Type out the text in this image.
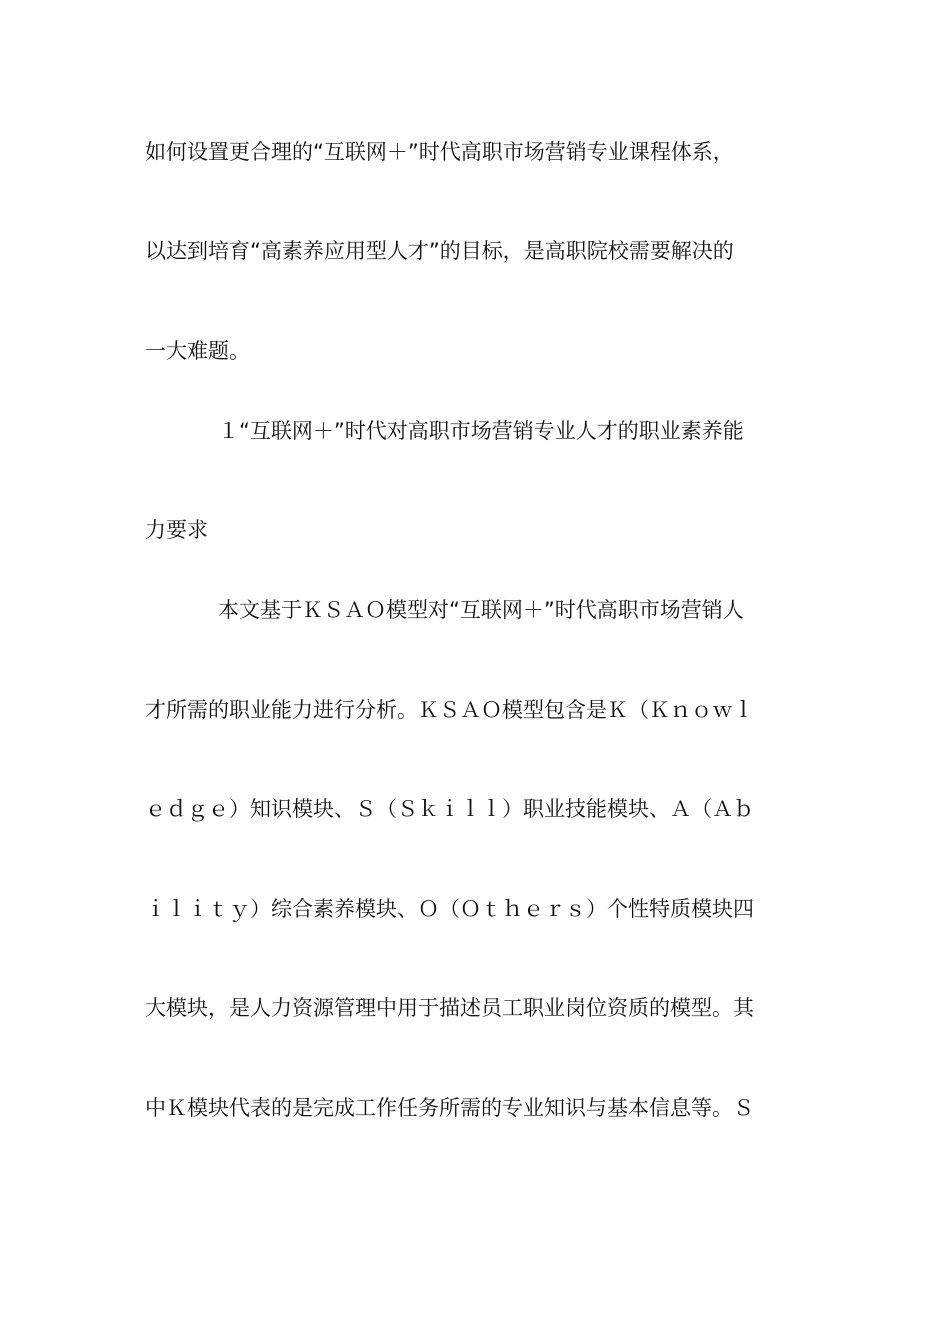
如何设置更合理的“互联网＋”时代高职市场营销专业课程体系，
以达到培育“高素养应用型人才”的目标，是高职院校需要解决的
一大难题。
１“互联网＋”时代对高职市场营销专业人才的职业素养能
力要求
本文基于ＫＳＡＯ模型对“互联网＋”时代高职市场营销人
才所需的职业能力进行分析。ＫＳＡＯ模型包含是Ｋ（Ｋｎｏｗｌ
ｅｄｇｅ）知识模块、Ｓ（Ｓｋｉｌｌ）职业技能模块、Ａ（Ａｂ
ｉｌｉｔｙ）综合素养模块、Ｏ（Ｏｔｈｅｒｓ）个性特质模块四
大模块，是人力资源管理中用于描述员工职业岗位资质的模型。其
中Ｋ模块代表的是完成工作任务所需的专业知识与基本信息等。Ｓ
